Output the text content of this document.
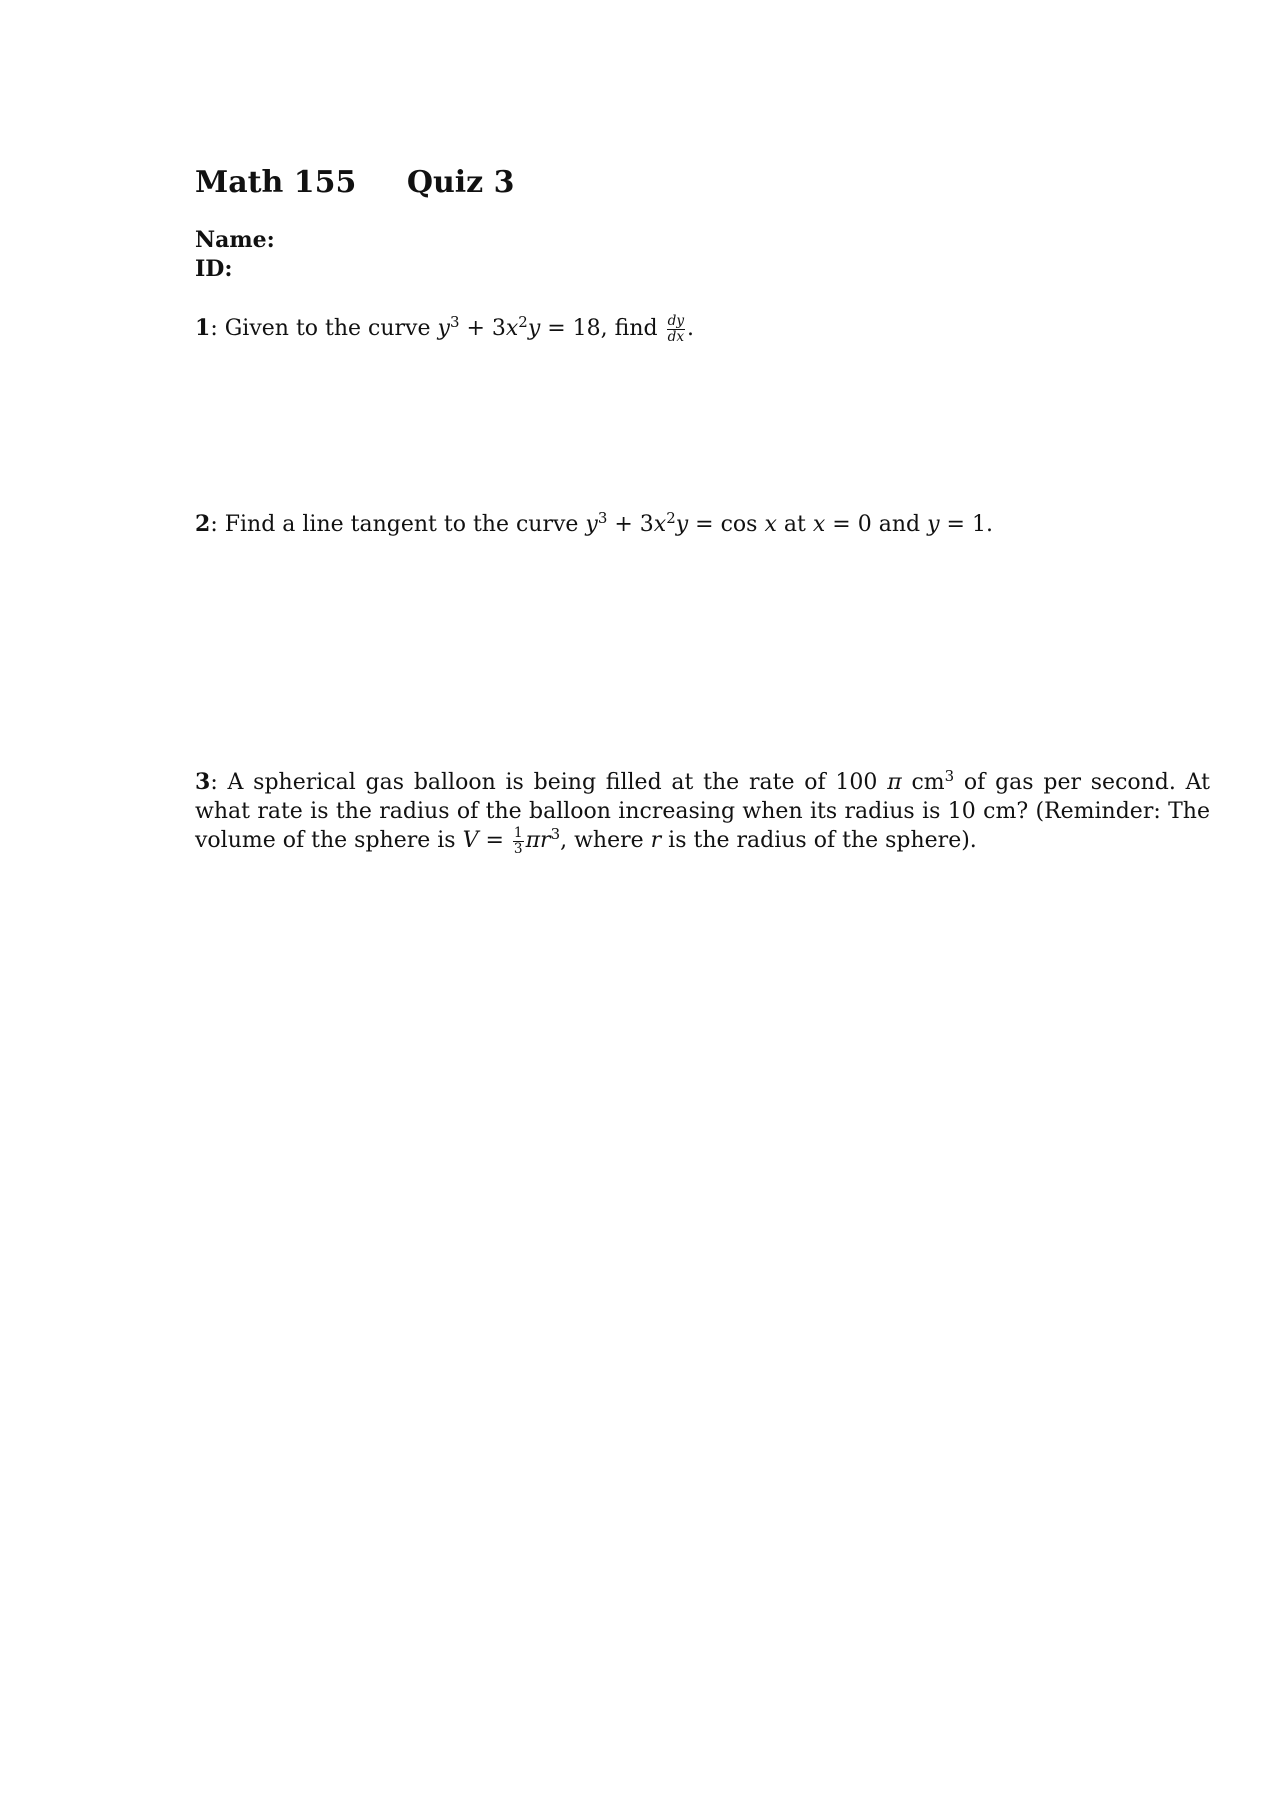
Math 155 Quiz 3
Name:
ID:
1: Given to the curve $y^3 + 3x^2y = 18$, find $\frac{dy}{dx}$ .
2: Find a line tangent to the curve $y^3 + 3x^2y = \cos x$ at x = 0 and y = 1.
3: A spherical gas balloon is being filled at the rate of 100 π $cm^3$ of gas per second. At what rate is the radius of the balloon increasing when its radius is 10 cm? (Reminder: The volume of the sphere is $V = \frac{1}{3} \pi r^3$, where r is the radius of the sphere).
